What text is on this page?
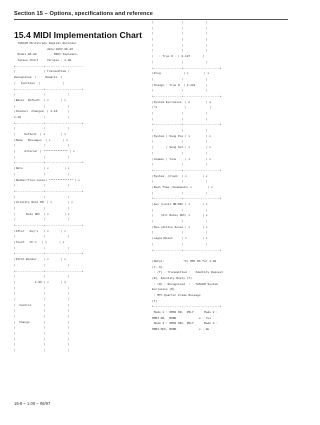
Section 15 – Options, specifications and reference
15.4 MIDI Implementation Chart
TASCAM Multitrack Digital Recorder
date:1997.09.26
Model DA-88          MIDI Implemen-
tation Chart     Version : 1.00
+----------------+----------------------
|                | Transmitted |
Recognized  |     Remarks  |
|   Function  |             |
+----------------+---------------------+
|                |             |
|Basic  Default  | x       | x
|                |             |
|Channel  Changed  | 1-16      |
1-16             |             |
+----------------+---------------------+
|                |             |
|     Default  | x         | x
|Mode   Messages  | x       | x
|                |             |
|     Altered  | ************** | x
|                |             |
+----------------+---------------------+
|Note            | x         | x
|                |             |
|Number|True voice| ************** | x
|                |             |
+----------------+---------------------+
|                |             |
|Velocity Note ON  | x         | x
|                |             |
|      Note OFF  | x         | x
|                |             |
+----------------+---------------------+
|After   Key's   | x       | x
|                |             |
|Touch   Ch's   | x       | x
|                |             |
+----------------+---------------------+
|Pitch Bender    | x       | x
|                |             |
+----------------+---------------------+
|                |             |
|           1-99 | x       | x
|                |             |
|                |             |
|                |             |
|  Control       |             |
|                |             |
|                |             |
|  Change        |             |
|                |             |
|                |             |
|                |             |
|                |             |
|                |             |
|                |             |
|                |             |
|                |             |
|                |             |
|                |             |
|                |             |
|   : True #   | 0-127       |
|                |             |
+----------------+---------------------+
|Prog             | x         | x
|                |             |
|Change : True #  | 1-128      |
|                |             |
+----------------+---------------------+
|System Exclusive  | o         | o
|*1                |             |
|                |             |
|                |             |
+----------------+---------------------+
|                |             |
|System | Song Pos | x         | x
|                |             |
|       | Song Sel | x         | x
|                |             |
|Common | Tune     | x         | x
|                |             |
+----------------+---------------------+
|System  |Clock  | x         | x
|                |             |
|Real Time |Commands| x         | x
|                |             |
+----------------+---------------------+
|Aux |Local ON/OFF | x       | x
|                |             |
|    |All Notes OFF| x       | x
|                |             |
|Mes-|Active Sense | x       | x
|                |             |
|sages|Reset     | x         | x
|                |             |
+----------------+---------------------+
|Notes:           *1) MMC RX for 1-99
(7, 9).
: (T) : Transmitted :   Identity Request
(R), Identity Reply (T)
: (R) : Recognized  :   TASCAM System
Exclusive (R)
: MTC Quarter Frame Message
(T)
+--------------------------------------+
Mode 1 : OMNI ON,  POLY      Mode 2 :
OMNI ON,  MONO             o : Yes
Mode 3 : OMNI OFF, POLY      Mode 4 :
OMNI OFF, MONO             x : No
15-8 – 1.00 – 06/97
